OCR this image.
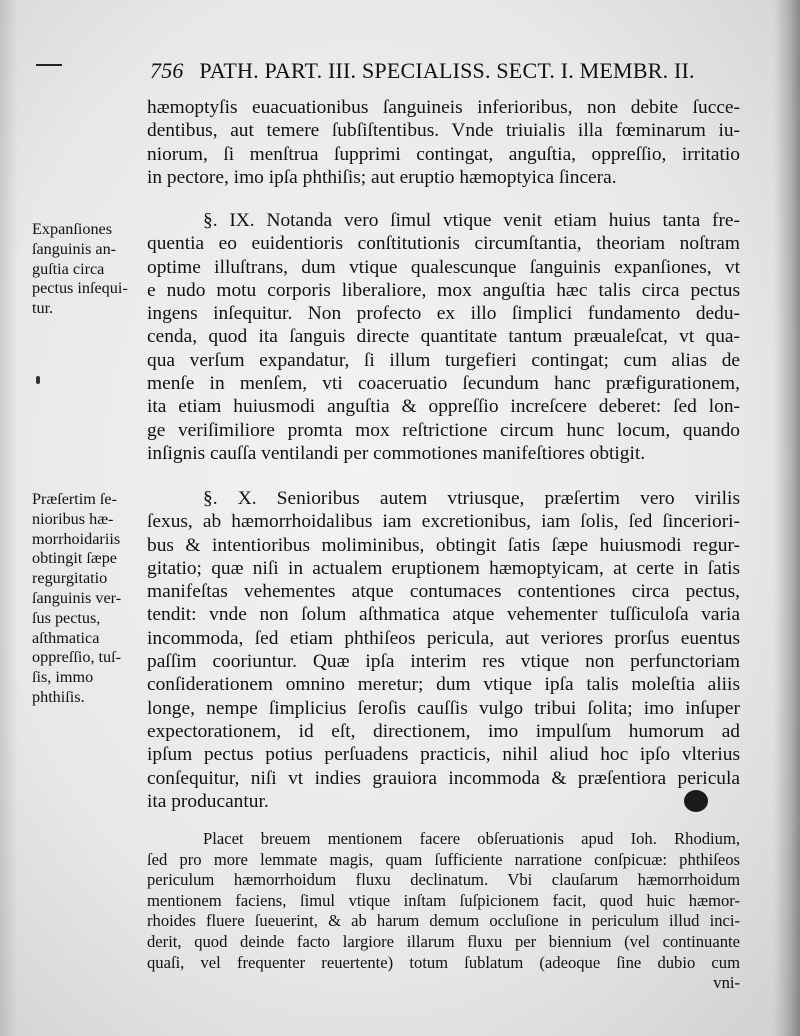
756 PATH. PART. III. SPECIALISS. SECT. I. MEMBR. II.
hæmoptyſis euacuationibus ſanguineis inferioribus, non debite ſucce-
dentibus, aut temere ſubſiſtentibus. Vnde triuialis illa fœminarum iu-
niorum, ſi menſtrua ſupprimi contingat, anguſtia, oppreſſio, irritatio
in pectore, imo ipſa phthiſis; aut eruptio hæmoptyica ſincera.
Expanſiones
ſanguinis an-
guſtia circa
pectus inſequi-
tur.
§. IX. Notanda vero ſimul vtique venit etiam huius tanta fre-
quentia eo euidentioris conſtitutionis circumſtantia, theoriam noſtram
optime illuſtrans, dum vtique qualescunque ſanguinis expanſiones, vt
e nudo motu corporis liberaliore, mox anguſtia hæc talis circa pectus
ingens inſequitur. Non profecto ex illo ſimplici fundamento dedu-
cenda, quod ita ſanguis directe quantitate tantum præualeſcat, vt qua-
qua verſum expandatur, ſi illum turgefieri contingat; cum alias de
menſe in menſem, vti coaceruatio ſecundum hanc præfigurationem,
ita etiam huiusmodi anguſtia & oppreſſio increſcere deberet: ſed lon-
ge veriſimiliore promta mox reſtrictione circum hunc locum, quando
inſignis cauſſa ventilandi per commotiones manifeſtiores obtigit.
Præſertim ſe-
nioribus hæ-
morrhoidariis
obtingit ſæpe
regurgitatio
ſanguinis ver-
ſus pectus,
aſthmatica
oppreſſio, tuſ-
ſis, immo
phthiſis.
§. X. Senioribus autem vtriusque, præſertim vero virilis
ſexus, ab hæmorrhoidalibus iam excretionibus, iam ſolis, ſed ſinceriori-
bus & intentioribus moliminibus, obtingit ſatis ſæpe huiusmodi regur-
gitatio; quæ niſi in actualem eruptionem hæmoptyicam, at certe in ſatis
manifeſtas vehementes atque contumaces contentiones circa pectus,
tendit: vnde non ſolum aſthmatica atque vehementer tuſſiculoſa varia
incommoda, ſed etiam phthiſeos pericula, aut veriores prorſus euentus
paſſim cooriuntur. Quæ ipſa interim res vtique non perfunctoriam
conſiderationem omnino meretur; dum vtique ipſa talis moleſtia aliis
longe, nempe ſimplicius ſeroſis cauſſis vulgo tribui ſolita; imo inſuper
expectorationem, id eſt, directionem, imo impulſum humorum ad
ipſum pectus potius perſuadens practicis, nihil aliud hoc ipſo vlterius
conſequitur, niſi vt indies grauiora incommoda & præſentiora pericula
ita producantur.
Placet breuem mentionem facere obſeruationis apud Ioh. Rhodium,
ſed pro more lemmate magis, quam ſufficiente narratione conſpicuæ: phthiſeos
periculum hæmorrhoidum fluxu declinatum. Vbi clauſarum hæmorrhoidum
mentionem faciens, ſimul vtique inſtam ſuſpicionem facit, quod huic hæmor-
rhoides fluere ſueuerint, & ab harum demum occluſione in periculum illud inci-
derit, quod deinde facto largiore illarum fluxu per biennium (vel continuante
quaſi, vel frequenter reuertente) totum ſublatum (adeoque ſine dubio cum
vni-
